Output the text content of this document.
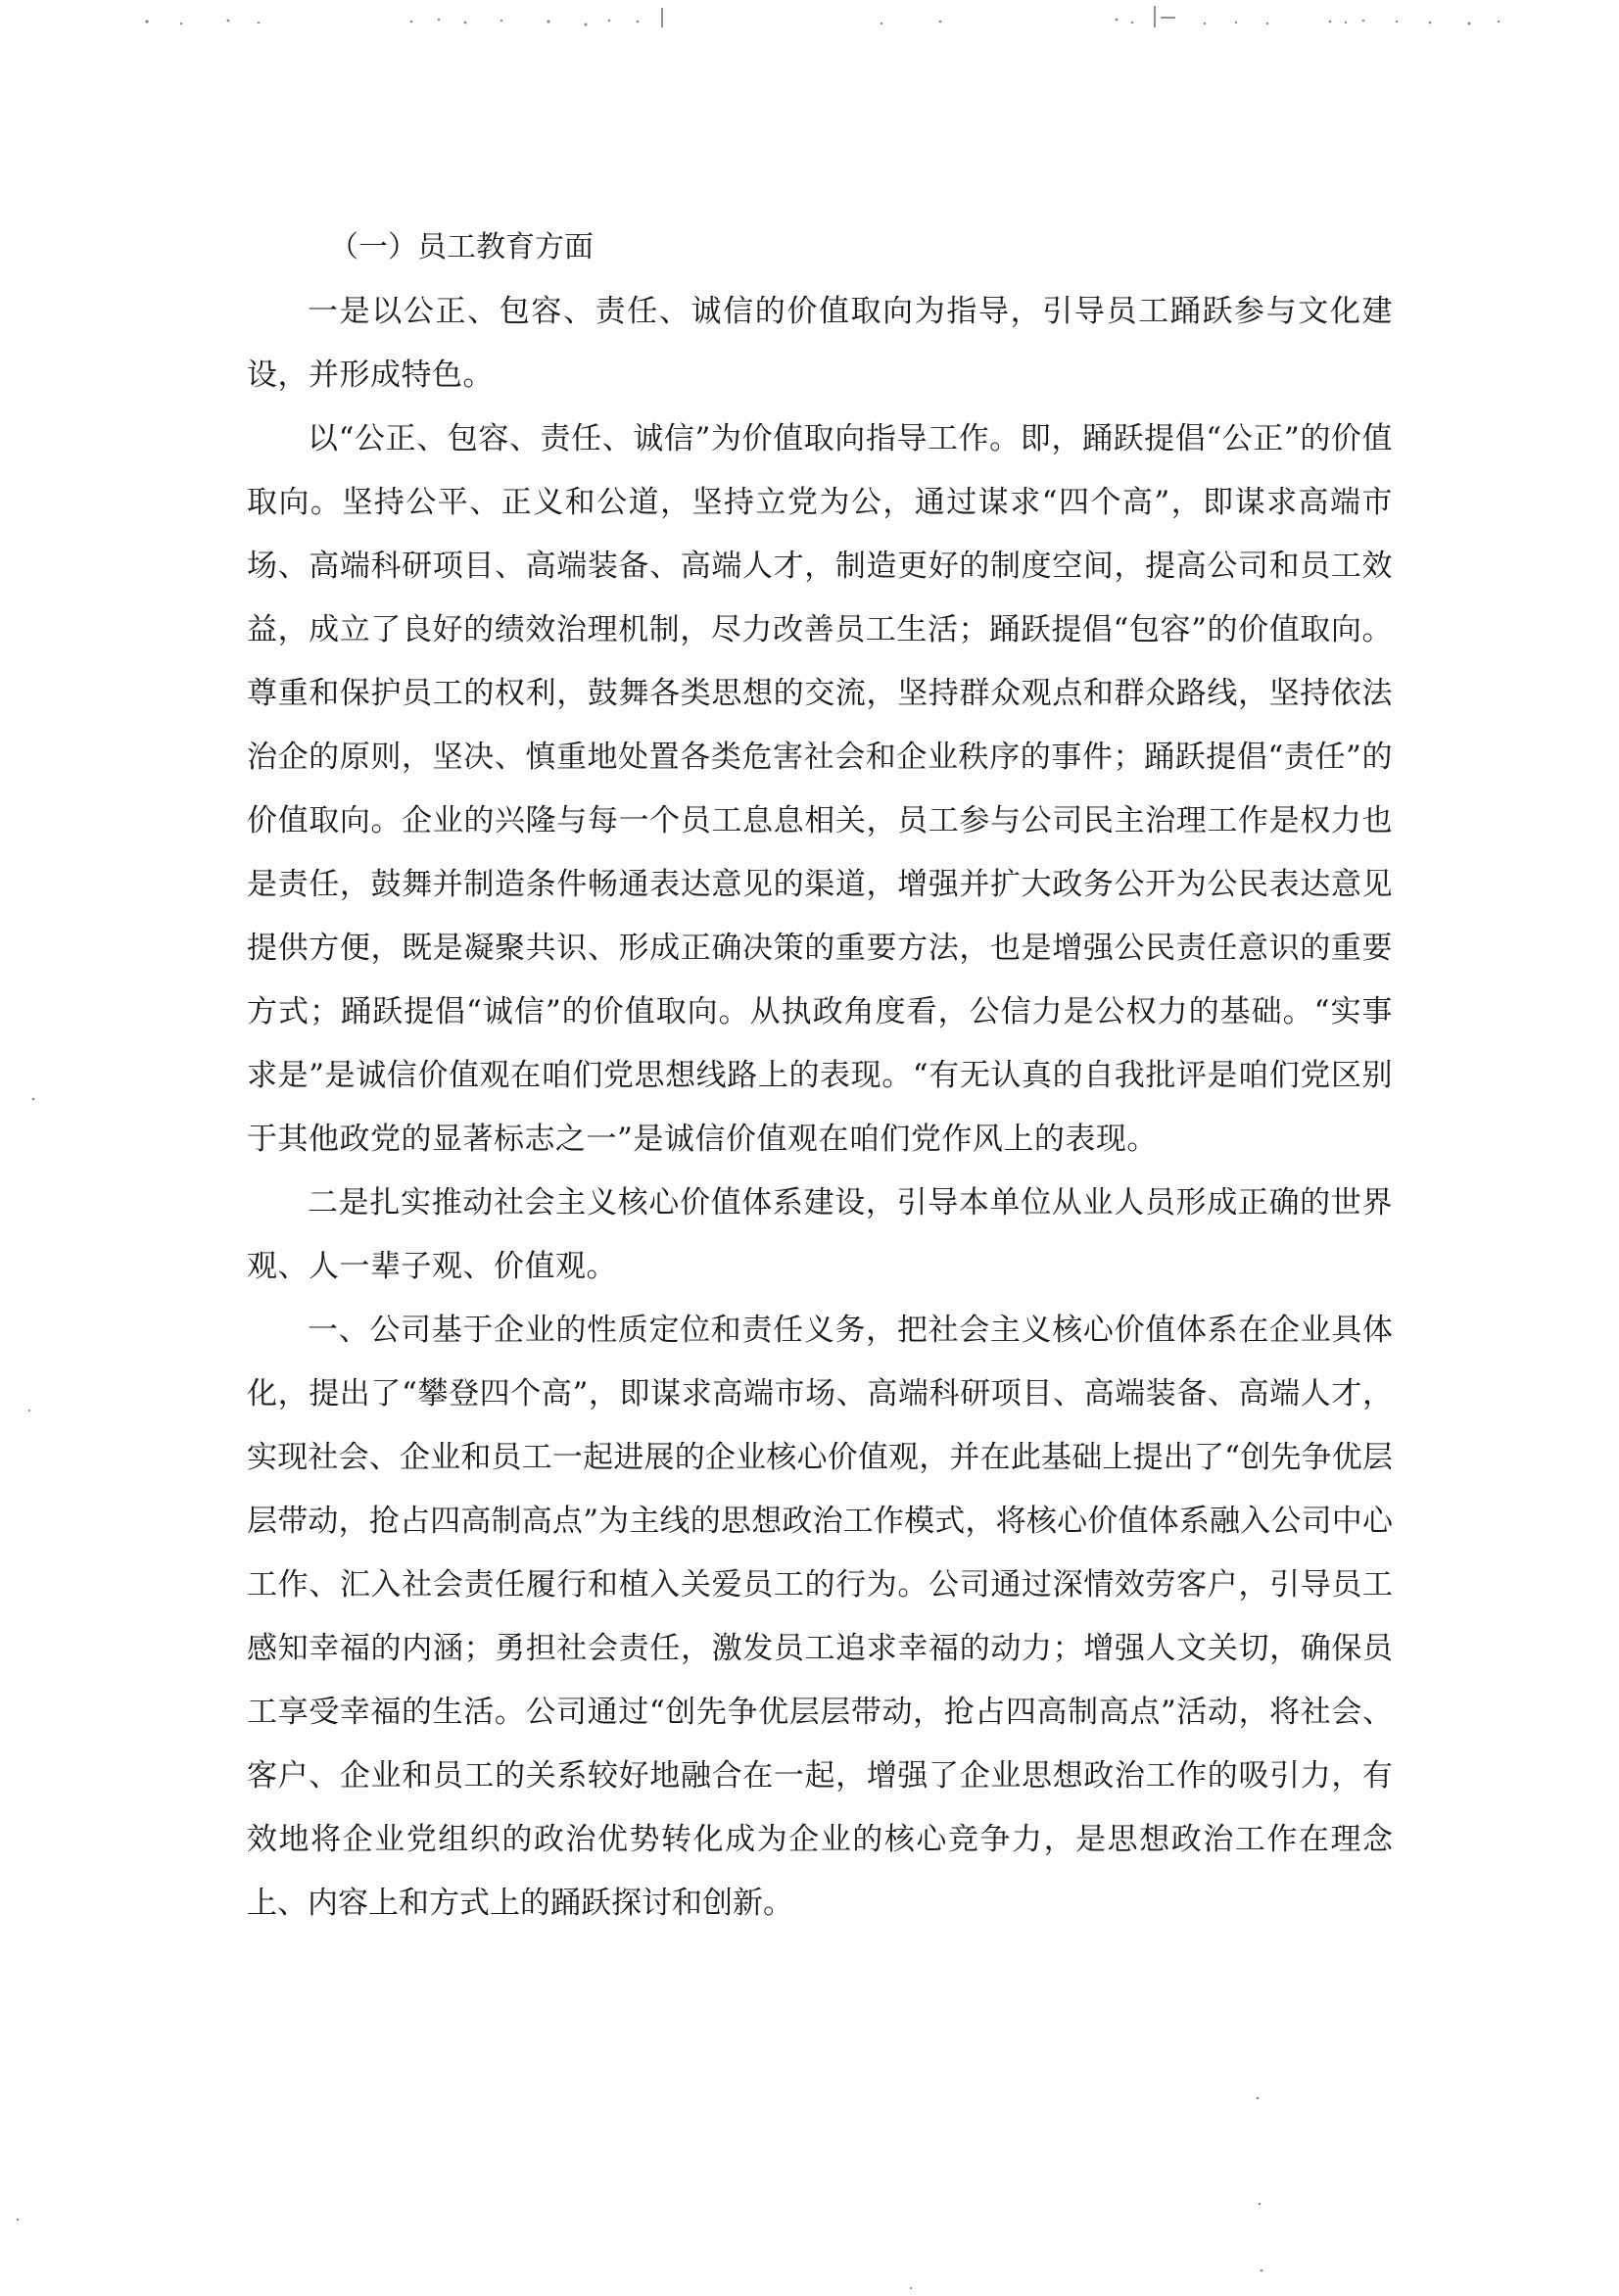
（一）员工教育方面

一是以公正、包容、责任、诚信的价值取向为指导，引导员工踊跃参与文化建设，并形成特色。

以“公正、包容、责任、诚信”为价值取向指导工作。即，踊跃提倡“公正”的价值取向。坚持公平、正义和公道，坚持立党为公，通过谋求“四个高”，即谋求高端市场、高端科研项目、高端装备、高端人才，制造更好的制度空间，提高公司和员工效益，成立了良好的绩效治理机制，尽力改善员工生活；踊跃提倡“包容”的价值取向。尊重和保护员工的权利，鼓舞各类思想的交流，坚持群众观点和群众路线，坚持依法治企的原则，坚决、慎重地处置各类危害社会和企业秩序的事件；踊跃提倡“责任”的价值取向。企业的兴隆与每一个员工息息相关，员工参与公司民主治理工作是权力也是责任，鼓舞并制造条件畅通表达意见的渠道，增强并扩大政务公开为公民表达意见提供方便，既是凝聚共识、形成正确决策的重要方法，也是增强公民责任意识的重要方式；踊跃提倡“诚信”的价值取向。从执政角度看，公信力是公权力的基础。“实事求是”是诚信价值观在咱们党思想线路上的表现。“有无认真的自我批评是咱们党区别于其他政党的显著标志之一”是诚信价值观在咱们党作风上的表现。

二是扎实推动社会主义核心价值体系建设，引导本单位从业人员形成正确的世界观、人一辈子观、价值观。

一、公司基于企业的性质定位和责任义务，把社会主义核心价值体系在企业具体化，提出了“攀登四个高”，即谋求高端市场、高端科研项目、高端装备、高端人才，实现社会、企业和员工一起进展的企业核心价值观，并在此基础上提出了“创先争优层层带动，抢占四高制高点”为主线的思想政治工作模式，将核心价值体系融入公司中心工作、汇入社会责任履行和植入关爱员工的行为。公司通过深情效劳客户，引导员工感知幸福的内涵；勇担社会责任，激发员工追求幸福的动力；增强人文关切，确保员工享受幸福的生活。公司通过“创先争优层层带动，抢占四高制高点”活动，将社会、客户、企业和员工的关系较好地融合在一起，增强了企业思想政治工作的吸引力，有效地将企业党组织的政治优势转化成为企业的核心竞争力，是思想政治工作在理念上、内容上和方式上的踊跃探讨和创新。
